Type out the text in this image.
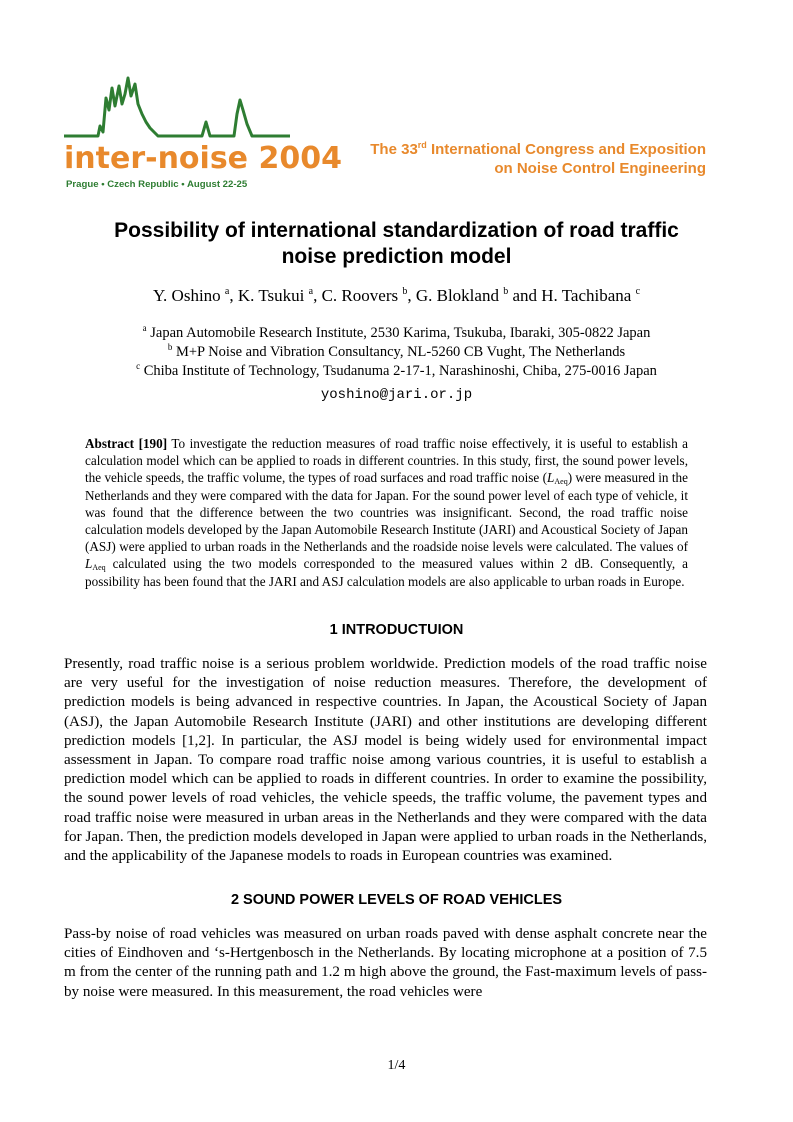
inter-noise 2004
Prague • Czech Republic • August 22-25
The 33rd International Congress and Exposition
on Noise Control Engineering
Possibility of international standardization of road traffic
noise prediction model
Y. Oshino $^a$, K. Tsukui $^a$, C. Roovers $^b$, G. Blokland $^b$ and H. Tachibana $^c$
$^a$ Japan Automobile Research Institute, 2530 Karima, Tsukuba, Ibaraki, 305-0822 Japan
$^b$ M+P Noise and Vibration Consultancy, NL-5260 CB Vught, The Netherlands
$^c$ Chiba Institute of Technology, Tsudanuma 2-17-1, Narashinoshi, Chiba, 275-0016 Japan
yoshino@jari.or.jp
Abstract [190] To investigate the reduction measures of road traffic noise effectively, it is useful to establish a calculation model which can be applied to roads in different countries. In this study, first, the sound power levels, the vehicle speeds, the traffic volume, the types of road surfaces and road traffic noise $(L_{Aeq})$ were measured in the Netherlands and they were compared with the data for Japan. For the sound power level of each type of vehicle, it was found that the difference between the two countries was insignificant. Second, the road traffic noise calculation models developed by the Japan Automobile Research Institute (JARI) and Acoustical Society of Japan (ASJ) were applied to urban roads in the Netherlands and the roadside noise levels were calculated. The values of $L_{Aeq}$ calculated using the two models corresponded to the measured values within 2 dB. Consequently, a possibility has been found that the JARI and ASJ calculation models are also applicable to urban roads in Europe.
1 INTRODUCTUION
Presently, road traffic noise is a serious problem worldwide. Prediction models of the road traffic noise are very useful for the investigation of noise reduction measures. Therefore, the development of prediction models is being advanced in respective countries. In Japan, the Acoustical Society of Japan (ASJ), the Japan Automobile Research Institute (JARI) and other institutions are developing different prediction models [1,2]. In particular, the ASJ model is being widely used for environmental impact assessment in Japan. To compare road traffic noise among various countries, it is useful to establish a prediction model which can be applied to roads in different countries. In order to examine the possibility, the sound power levels of road vehicles, the vehicle speeds, the traffic volume, the pavement types and road traffic noise were measured in urban areas in the Netherlands and they were compared with the data for Japan. Then, the prediction models developed in Japan were applied to urban roads in the Netherlands, and the applicability of the Japanese models to roads in European countries was examined.
2 SOUND POWER LEVELS OF ROAD VEHICLES
Pass-by noise of road vehicles was measured on urban roads paved with dense asphalt concrete near the cities of Eindhoven and ‘s-Hertgenbosch in the Netherlands. By locating microphone at a position of 7.5 m from the center of the running path and 1.2 m high above the ground, the Fast-maximum levels of pass-by noise were measured. In this measurement, the road vehicles were
1/4
